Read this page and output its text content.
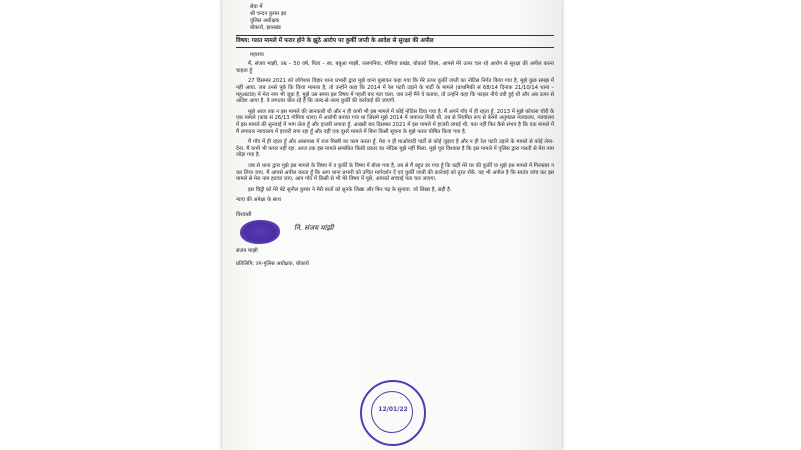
सेवा में
श्री चन्दन कुमार झा
पुलिस अधीक्षक
बोकारो, झारखंड
विषय: गलत मामले में फरार होने के झूठे आरोप पर कुर्की जप्ती के आदेश से सुरक्षा की अपील
महाशय

मैं, संजय माझी, उम्र – 50 वर्ष, पिता – स्व. बबुआ माझी, ललपनिया, गोमिया प्रखंड, बोकारो जिला, आपसे मेरे ऊपर चल रहे आरोप से सुरक्षा की अपील करना चाहता हूँ

27 दिसम्बर 2021 को जोगेश्वर विहार थाना प्रभारी द्वारा मुझे थाना बुलाकर कहा गया कि मेरे ऊपर कुर्की जप्ती का नोटिस निर्गत किया गया है, मुझे कुछ समझ में नहीं आया. जब उनसे पूछे कि किया मामला है, तो उन्होंने कहा कि 2014 में रेल पटरी उड़ाने के पार्टी के मामले (प्राथमिकी सं 68/14 दिनांक 21/10/14 थाना – महुआटांड) में मेरा नाम भी जुड़ा है. मुझे उस समय इस विषय में पहली बार पता चला. जब उन्हें मैंने ये बताया, तो उन्होंने कहा कि फाइल नीचे दबी हुई थी और अब ऊपर से आदेश आया है. वे लगातार बोल रहे हैं कि जल्द-से-जल्द कुर्की की कार्रवाई की जाएगी.

मुझे आज तक न इस मामले की जानकारी थी और न ही कभी भी इस मामले में कोई नोटिस दिया गया है. मैं अपने गाँव में ही रहता हूँ. 2013 में मुझे कोयला चोरी के एक मामले (कांड सं 26/13 गोमिया थाना) में आरोपी बनाया गया था जिसमे मुझे 2014 में जमानत मिली थी. तब से नियमित रूप से बेरमो अनुमंडल न्यायालय, न्यायालय में इस मामले की सुनवाई में भाग लेता हूँ और हाजरी लगाता हूँ. आखरी बार दिसम्बर 2021 में इस मामले में हाजरी लगाई थी. पता नहीं फिर कैसे संभव है कि एक मामले में मैं लगातार न्यायालय में हाजरी लगा रहा हूँ और वहीं एक दूसरे मामले में बिना किसी सूचना के मुझे फरार घोषित किया गया है.

मैं गाँव में ही रहता हूँ और आसपास में राज मिस्त्री का काम करता हूँ. मेरा न ही माओवादी पार्टी से कोई जुड़ाव है और न ही रेल पटरी उड़ाने के मामले से कोई लेना-देना. मैं कभी भी फरार नहीं रहा. आज तक इस मामले सम्बंधित किसी प्रकार का नोटिस मुझे नहीं मिला. मुझे पूरा विश्वास है कि इस मामले में पुलिस द्वारा गलती से मेरा नाम जोड़ा गया है.

जब से थाना द्वारा मुझे इस मामले के विषय में व कुर्की के विषय में बोला गया है, तब से मैं बहुत डर गया हूँ कि कहीं मेरे घर की कुर्की या मुझे इस मामले में गिरफ्तार न कर लिया जाए. मैं आपसे अपील करता हूँ कि आप थाना प्रभारी को उचित मार्गदर्शन दें एवं कुर्की जप्ती की कार्रवाई को तुरंत रोकें. यह भी अपील है कि स्वतंत्र जांच कर इस मामले से मेरा नाम हटाया जाए. आप गाँव में किसी से भी मेरे विषय में पूछें, आपको सच्चाई पता चल जाएगा.

इस चिट्ठी को मेरे बेटे सुनील कुमार ने मेरी बातों को सुनके लिखा और फिर पढ़ के सुनाया. जो लिखा है, सही है.

न्याय की अपेक्षा के साथ
विश्वासी
नि. संजय मांझी
संजय माझी
प्रतिलिपि: उप-पुलिस अधीक्षक, बोकारो
12/01/22
